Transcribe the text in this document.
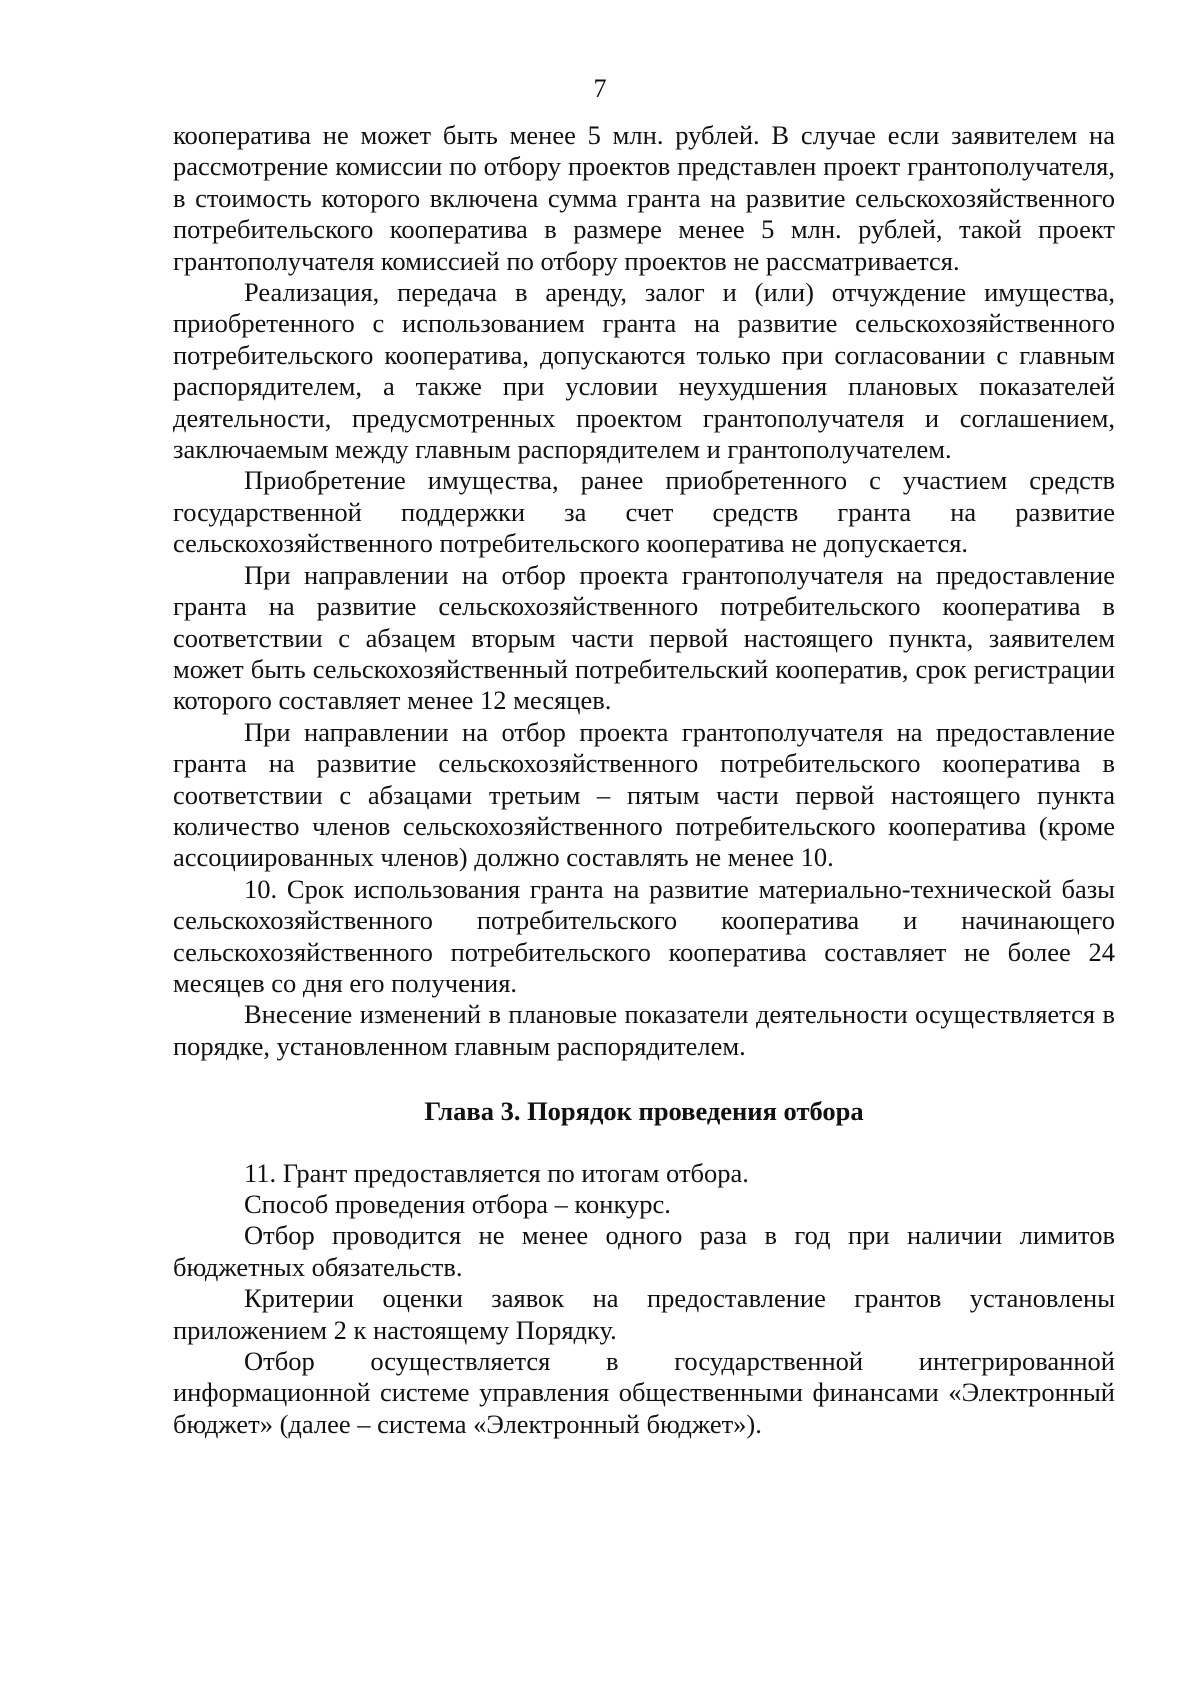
7

кооператива не может быть менее 5 млн. рублей. В случае если заявителем на рассмотрение комиссии по отбору проектов представлен проект грантополучателя, в стоимость которого включена сумма гранта на развитие сельскохозяйственного потребительского кооператива в размере менее 5 млн. рублей, такой проект грантополучателя комиссией по отбору проектов не рассматривается.

Реализация, передача в аренду, залог и (или) отчуждение имущества, приобретенного с использованием гранта на развитие сельскохозяйственного потребительского кооператива, допускаются только при согласовании с главным распорядителем, а также при условии неухудшения плановых показателей деятельности, предусмотренных проектом грантополучателя и соглашением, заключаемым между главным распорядителем и грантополучателем.

Приобретение имущества, ранее приобретенного с участием средств государственной поддержки за счет средств гранта на развитие сельскохозяйственного потребительского кооператива не допускается.

При направлении на отбор проекта грантополучателя на предоставление гранта на развитие сельскохозяйственного потребительского кооператива в соответствии с абзацем вторым части первой настоящего пункта, заявителем может быть сельскохозяйственный потребительский кооператив, срок регистрации которого составляет менее 12 месяцев.

При направлении на отбор проекта грантополучателя на предоставление гранта на развитие сельскохозяйственного потребительского кооператива в соответствии с абзацами третьим – пятым части первой настоящего пункта количество членов сельскохозяйственного потребительского кооператива (кроме ассоциированных членов) должно составлять не менее 10.

10. Срок использования гранта на развитие материально-технической базы сельскохозяйственного потребительского кооператива и начинающего сельскохозяйственного потребительского кооператива составляет не более 24 месяцев со дня его получения.

Внесение изменений в плановые показатели деятельности осуществляется в порядке, установленном главным распорядителем.

Глава 3. Порядок проведения отбора

11. Грант предоставляется по итогам отбора.

Способ проведения отбора – конкурс.

Отбор проводится не менее одного раза в год при наличии лимитов бюджетных обязательств.

Критерии оценки заявок на предоставление грантов установлены приложением 2 к настоящему Порядку.

Отбор осуществляется в государственной интегрированной информационной системе управления общественными финансами «Электронный бюджет» (далее – система «Электронный бюджет»).
